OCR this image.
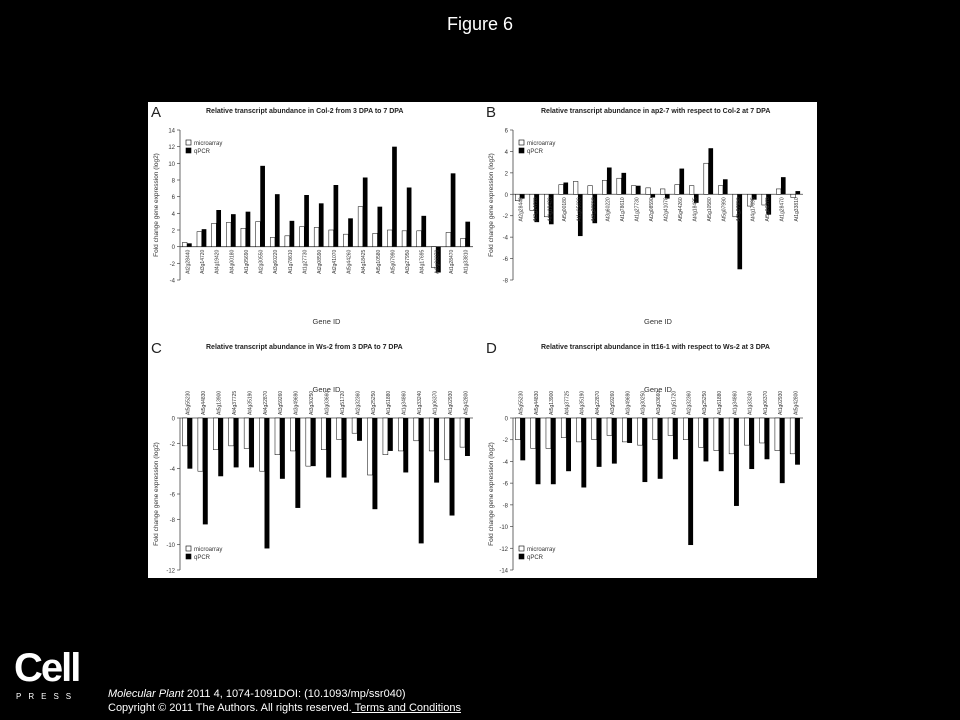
Figure 6
A	Relative transcript abundance in Col-2 from 3 DPA to 7 DPA
-4
-2
0
2
4
6
8
10
12
14
Fold change gene expression (log2)
Gene ID
At2g28440 At3g14720 At4g19420 At4g00180 At1g05690 At2g30550 At3g60220 At1g78610 At1g27730 At2g08590 At2g41070 At5g44260 At4g18425 At5g10580 At5g07990 At3g27950 At4g17695 At5g06370 At1g28470 At1g33810
microarray
qPCR
B	Relative transcript abundance in ap2-7 with respect to Col-2 at 7 DPA
-8
-6
-4
-2
0
2
4
6
Fold change gene expression (log2)
Gene ID
At2g28440 At3g14720 At4g19420 At5g00180 At1g05690 At2g30550 At3g60220 At1g78610 At1g27730 At2g08590 At2g41070 At5g44260 At4g18425 At5g10580 At5g07990 At3g27950 At4g17695 At5g06370 At1g28470 At1g33810
microarray
qPCR
C	Relative transcript abundance in Ws-2 from 3 DPA to 7 DPA
-12
-10
-8
-6
-4
-2
0
Fold change gene expression (log2)
Gene ID
At5g55230 At5g44830 At5g13900 At4g37725 At4g35190 At4g22870 At3g59260 At3g49690 At3g30250 At3g03660 At1g51720 At2g32360 At3g25250 At1g61880 At1g34860 At1g33240 At1g06370 At1g02930 At5g42800
microarray
qPCR
D	Relative transcript abundance in tt16-1 with respect to Ws-2 at 3 DPA
-14
-12
-10
-8
-6
-4
-2
0
Fold change gene expression (log2)
Gene ID
At5g55230 At5g44830 At5g13900 At4g37725 At4g35190 At4g22870 At3g59260 At3g49690 At3g30250 At3g03660 At1g51720 At2g32360 At3g25250 At1g61880 At1g34860 At1g33240 At1g06370 At1g02930 At5g42800
microarray
qPCR
Cell
PRESS	Molecular Plant 2011 4, 1074-1091DOI: (10.1093/mp/ssr040)
Copyright © 2011 The Authors. All rights reserved. Terms and Conditions
